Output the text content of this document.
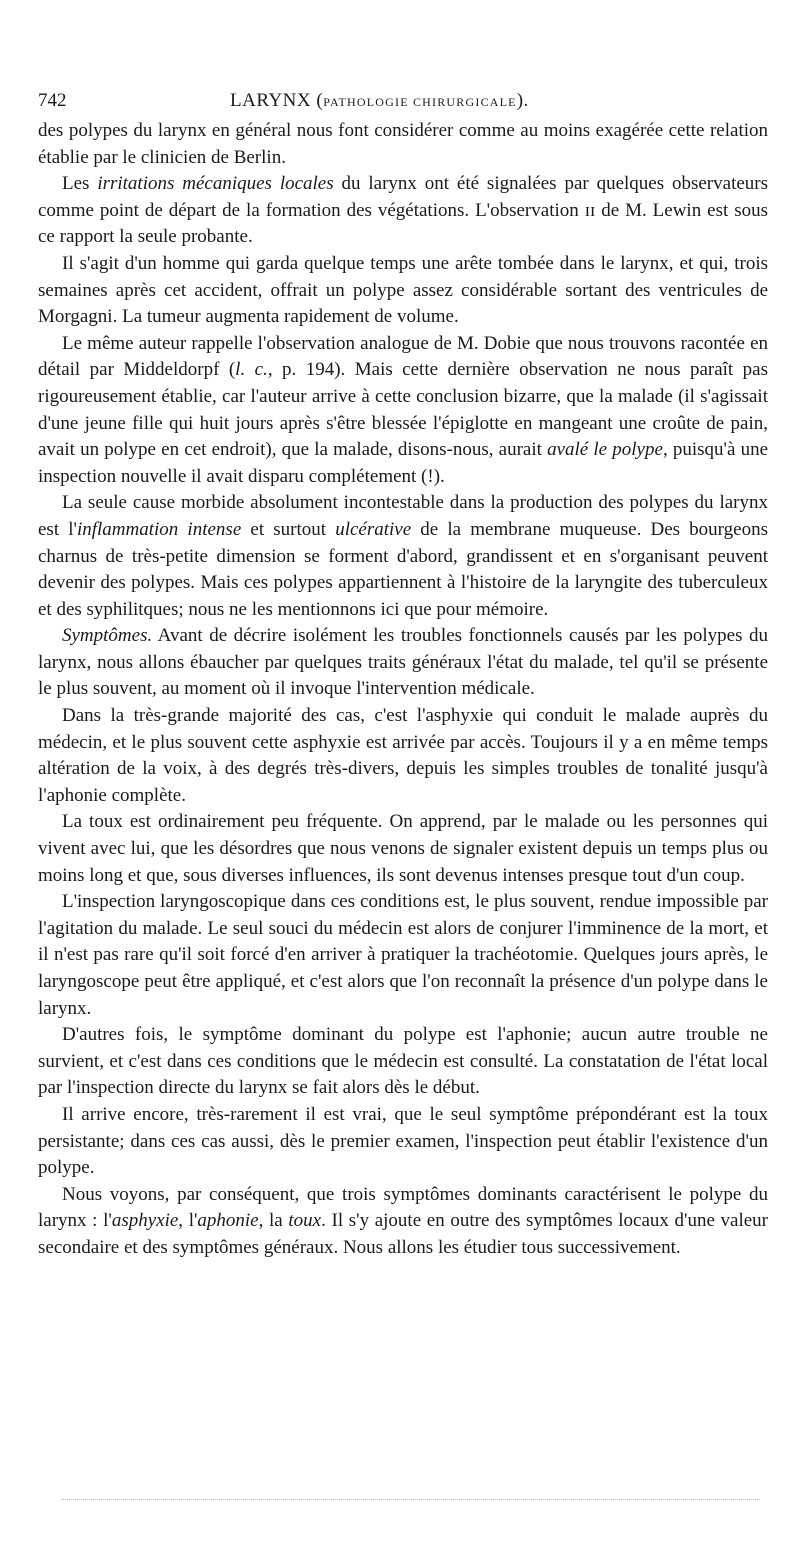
742	LARYNX (PATHOLOGIE CHIRURGICALE).

des polypes du larynx en général nous font considérer comme au moins exagérée cette relation établie par le clinicien de Berlin.

Les irritations mécaniques locales du larynx ont été signalées par quelques observateurs comme point de départ de la formation des végétations. L'observation ɪɪ de M. Lewin est sous ce rapport la seule probante.

Il s'agit d'un homme qui garda quelque temps une arête tombée dans le larynx, et qui, trois semaines après cet accident, offrait un polype assez considérable sortant des ventricules de Morgagni. La tumeur augmenta rapidement de volume.

Le même auteur rappelle l'observation analogue de M. Dobie que nous trouvons racontée en détail par Middeldorpf (l. c., p. 194). Mais cette dernière observation ne nous paraît pas rigoureusement établie, car l'auteur arrive à cette conclusion bizarre, que la malade (il s'agissait d'une jeune fille qui huit jours après s'être blessée l'épiglotte en mangeant une croûte de pain, avait un polype en cet endroit), que la malade, disons-nous, aurait avalé le polype, puisqu'à une inspection nouvelle il avait disparu complétement (!).

La seule cause morbide absolument incontestable dans la production des polypes du larynx est l'inflammation intense et surtout ulcérative de la membrane muqueuse. Des bourgeons charnus de très-petite dimension se forment d'abord, grandissent et en s'organisant peuvent devenir des polypes. Mais ces polypes appartiennent à l'histoire de la laryngite des tuberculeux et des syphilitques; nous ne les mentionnons ici que pour mémoire.

Symptômes. Avant de décrire isolément les troubles fonctionnels causés par les polypes du larynx, nous allons ébaucher par quelques traits généraux l'état du malade, tel qu'il se présente le plus souvent, au moment où il invoque l'intervention médicale.

Dans la très-grande majorité des cas, c'est l'asphyxie qui conduit le malade auprès du médecin, et le plus souvent cette asphyxie est arrivée par accès. Toujours il y a en même temps altération de la voix, à des degrés très-divers, depuis les simples troubles de tonalité jusqu'à l'aphonie complète.

La toux est ordinairement peu fréquente. On apprend, par le malade ou les personnes qui vivent avec lui, que les désordres que nous venons de signaler existent depuis un temps plus ou moins long et que, sous diverses influences, ils sont devenus intenses presque tout d'un coup.

L'inspection laryngoscopique dans ces conditions est, le plus souvent, rendue impossible par l'agitation du malade. Le seul souci du médecin est alors de conjurer l'imminence de la mort, et il n'est pas rare qu'il soit forcé d'en arriver à pratiquer la trachéotomie. Quelques jours après, le laryngoscope peut être appliqué, et c'est alors que l'on reconnaît la présence d'un polype dans le larynx.

D'autres fois, le symptôme dominant du polype est l'aphonie; aucun autre trouble ne survient, et c'est dans ces conditions que le médecin est consulté. La constatation de l'état local par l'inspection directe du larynx se fait alors dès le début.

Il arrive encore, très-rarement il est vrai, que le seul symptôme prépondérant est la toux persistante; dans ces cas aussi, dès le premier examen, l'inspection peut établir l'existence d'un polype.

Nous voyons, par conséquent, que trois symptômes dominants caractérisent le polype du larynx : l'asphyxie, l'aphonie, la toux. Il s'y ajoute en outre des symptômes locaux d'une valeur secondaire et des symptômes généraux. Nous allons les étudier tous successivement.
